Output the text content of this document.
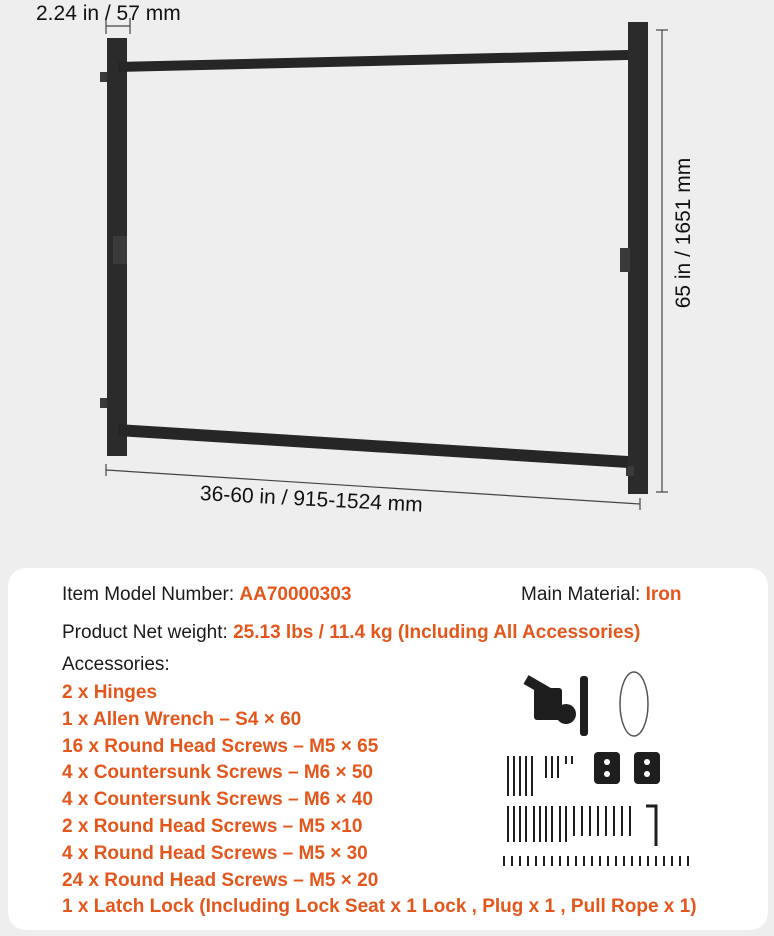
2.24 in / 57 mm
36-60 in / 915-1524 mm
65 in / 1651 mm
Item Model Number: AA70000303	Main Material: Iron
Product Net weight: 25.13 lbs / 11.4 kg (Including All Accessories)
Accessories:
2 x Hinges
1 x Allen Wrench – S4 × 60
16 x Round Head Screws – M5 × 65
4 x Countersunk Screws – M6 × 50
4 x Countersunk Screws – M6 × 40
2 x Round Head Screws – M5 ×10
4 x Round Head Screws – M5 × 30
24 x Round Head Screws – M5 × 20
1 x Latch Lock (Including Lock Seat x 1 Lock , Plug x 1 , Pull Rope x 1)
